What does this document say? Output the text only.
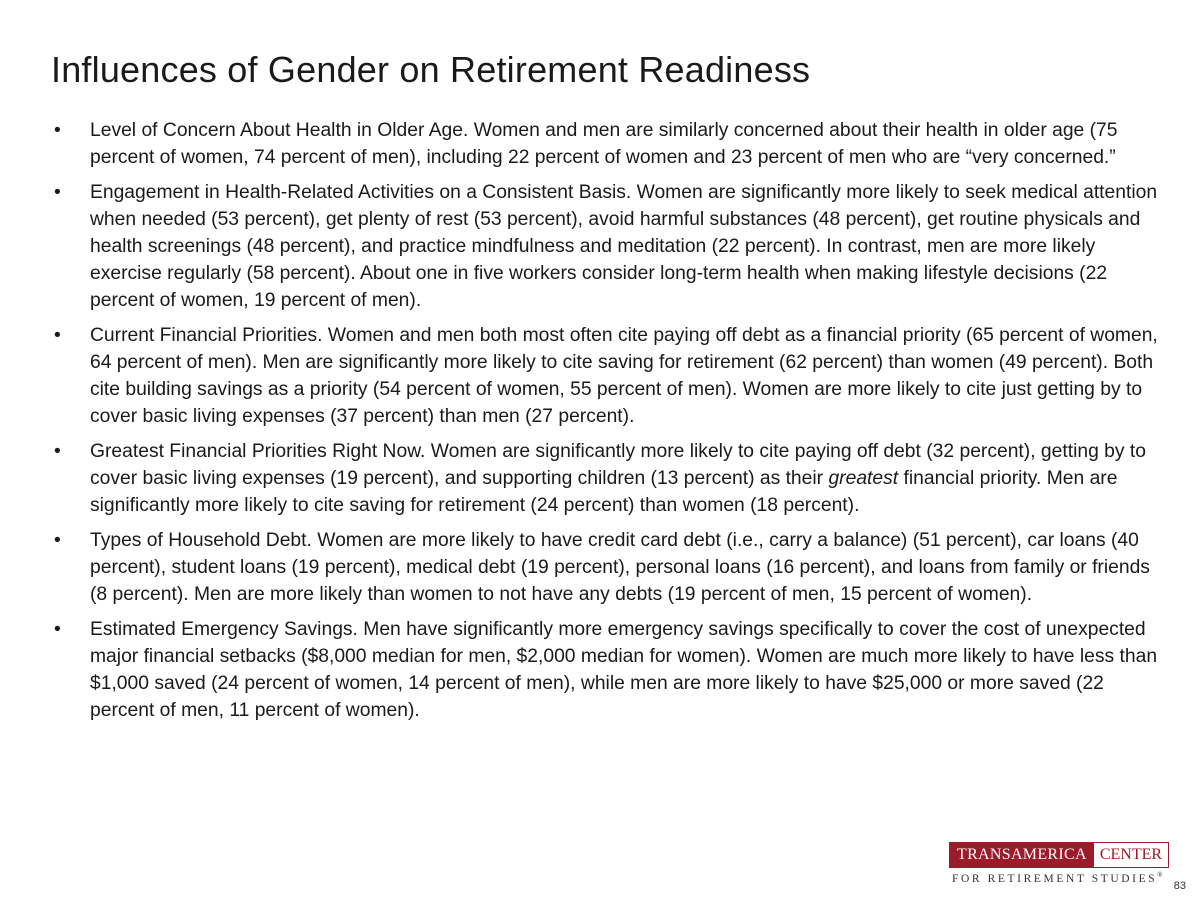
Influences of Gender on Retirement Readiness
• Level of Concern About Health in Older Age. Women and men are similarly concerned about their health in older age (75 percent of women, 74 percent of men), including 22 percent of women and 23 percent of men who are “very concerned.”
• Engagement in Health-Related Activities on a Consistent Basis. Women are significantly more likely to seek medical attention when needed (53 percent), get plenty of rest (53 percent), avoid harmful substances (48 percent), get routine physicals and health screenings (48 percent), and practice mindfulness and meditation (22 percent). In contrast, men are more likely exercise regularly (58 percent). About one in five workers consider long-term health when making lifestyle decisions (22 percent of women, 19 percent of men).
• Current Financial Priorities. Women and men both most often cite paying off debt as a financial priority (65 percent of women, 64 percent of men). Men are significantly more likely to cite saving for retirement (62 percent) than women (49 percent). Both cite building savings as a priority (54 percent of women, 55 percent of men). Women are more likely to cite just getting by to cover basic living expenses (37 percent) than men (27 percent).
• Greatest Financial Priorities Right Now. Women are significantly more likely to cite paying off debt (32 percent), getting by to cover basic living expenses (19 percent), and supporting children (13 percent) as their greatest financial priority. Men are significantly more likely to cite saving for retirement (24 percent) than women (18 percent).
• Types of Household Debt. Women are more likely to have credit card debt (i.e., carry a balance) (51 percent), car loans (40 percent), student loans (19 percent), medical debt (19 percent), personal loans (16 percent), and loans from family or friends (8 percent). Men are more likely than women to not have any debts (19 percent of men, 15 percent of women).
• Estimated Emergency Savings. Men have significantly more emergency savings specifically to cover the cost of unexpected major financial setbacks ($8,000 median for men, $2,000 median for women). Women are much more likely to have less than $1,000 saved (24 percent of women, 14 percent of men), while men are more likely to have $25,000 or more saved (22 percent of men, 11 percent of women).
TRANSAMERICA CENTER
FOR RETIREMENT STUDIES®
83
